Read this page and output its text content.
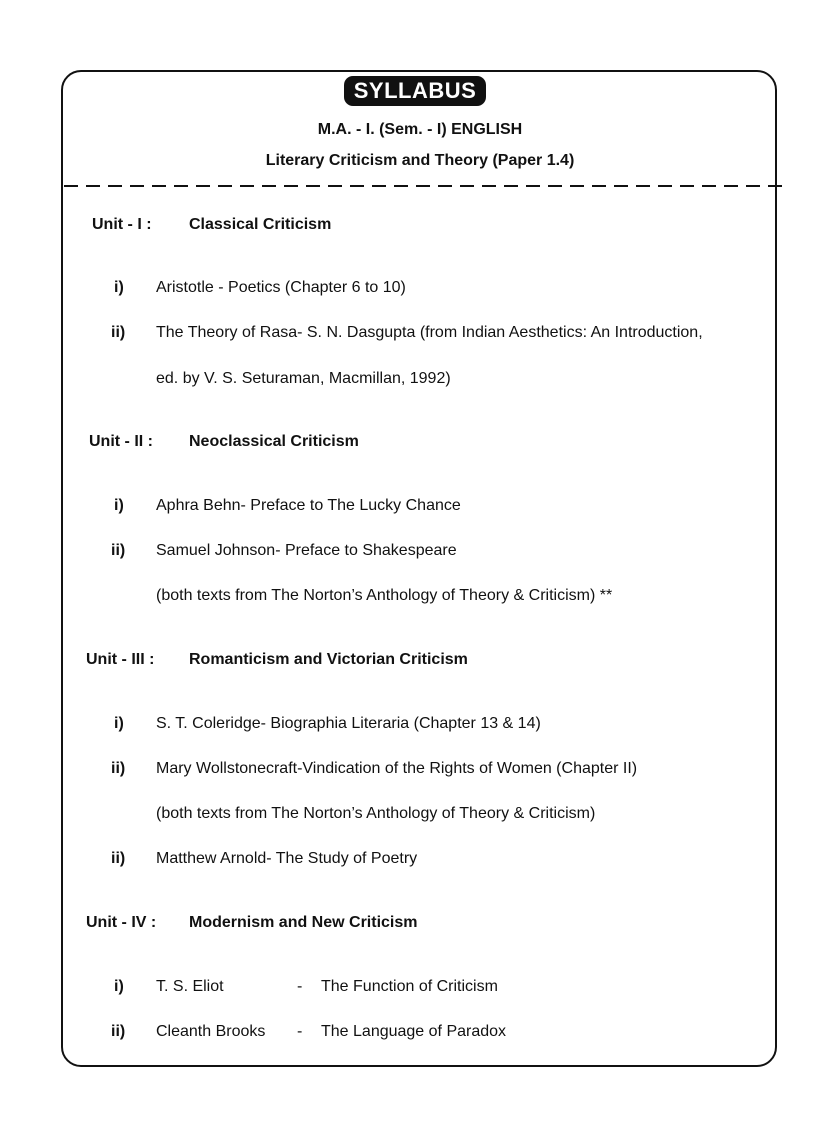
SYLLABUS
M.A. - I. (Sem. - I) ENGLISH
Literary Criticism and Theory (Paper 1.4)
Unit - I : Classical Criticism
i) Aristotle - Poetics (Chapter 6 to 10)
ii) The Theory of Rasa- S. N. Dasgupta (from Indian Aesthetics: An Introduction,
ed. by V. S. Seturaman, Macmillan, 1992)
Unit - II : Neoclassical Criticism
i) Aphra Behn- Preface to The Lucky Chance
ii) Samuel Johnson- Preface to Shakespeare
(both texts from The Norton’s Anthology of Theory & Criticism) **
Unit - III : Romanticism and Victorian Criticism
i) S. T. Coleridge- Biographia Literaria (Chapter 13 & 14)
ii) Mary Wollstonecraft-Vindication of the Rights of Women (Chapter II)
(both texts from The Norton’s Anthology of Theory & Criticism)
ii) Matthew Arnold- The Study of Poetry
Unit - IV : Modernism and New Criticism
i) T. S. Eliot	- The Function of Criticism
ii) Cleanth Brooks - The Language of Paradox
